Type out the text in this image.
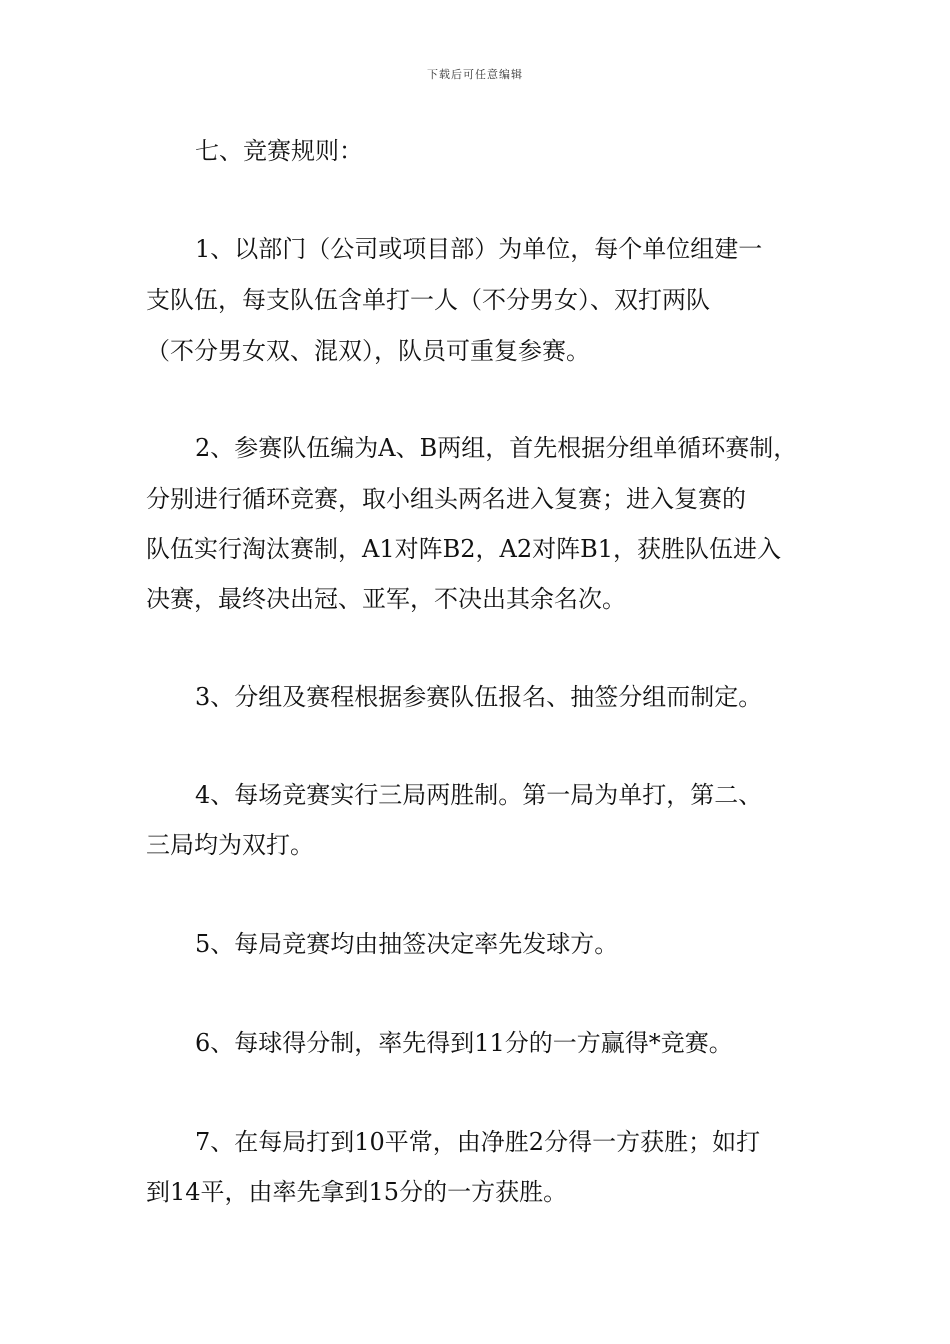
下载后可任意编辑
七、竞赛规则：
1、以部门（公司或项目部）为单位，每个单位组建一
支队伍，每支队伍含单打一人（不分男女）、双打两队
（不分男女双、混双），队员可重复参赛。
2、参赛队伍编为A、B两组，首先根据分组单循环赛制，
分别进行循环竞赛，取小组头两名进入复赛；进入复赛的
队伍实行淘汰赛制，A1对阵B2，A2对阵B1，获胜队伍进入
决赛，最终决出冠、亚军，不决出其余名次。
3、分组及赛程根据参赛队伍报名、抽签分组而制定。
4、每场竞赛实行三局两胜制。第一局为单打，第二、
三局均为双打。
5、每局竞赛均由抽签决定率先发球方。
6、每球得分制，率先得到11分的一方赢得*竞赛。
7、在每局打到10平常，由净胜2分得一方获胜；如打
到14平，由率先拿到15分的一方获胜。
